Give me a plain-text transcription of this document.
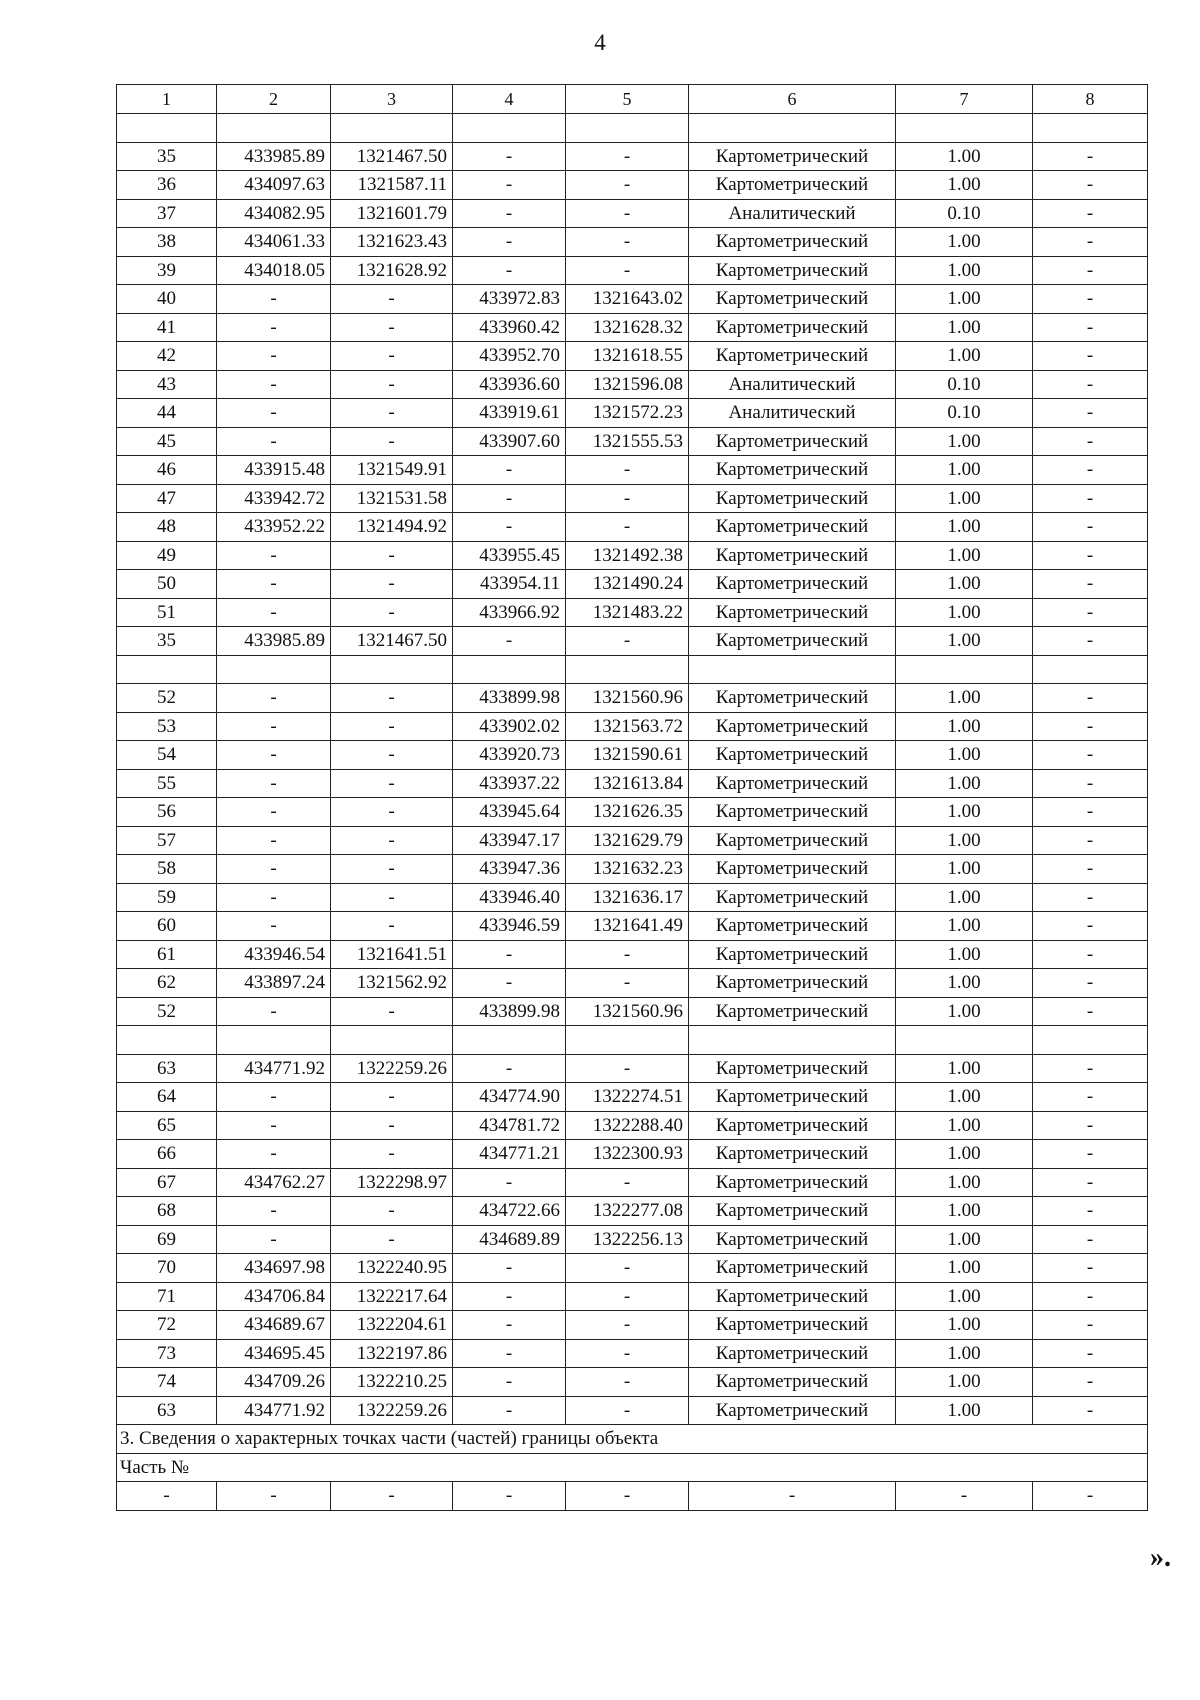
4
1	2	3	4	5	6	7	8

35	433985.89	1321467.50	-	-	Картометрический	1.00	-
36	434097.63	1321587.11	-	-	Картометрический	1.00	-
37	434082.95	1321601.79	-	-	Аналитический	0.10	-
38	434061.33	1321623.43	-	-	Картометрический	1.00	-
39	434018.05	1321628.92	-	-	Картометрический	1.00	-
40	-	-	433972.83	1321643.02	Картометрический	1.00	-
41	-	-	433960.42	1321628.32	Картометрический	1.00	-
42	-	-	433952.70	1321618.55	Картометрический	1.00	-
43	-	-	433936.60	1321596.08	Аналитический	0.10	-
44	-	-	433919.61	1321572.23	Аналитический	0.10	-
45	-	-	433907.60	1321555.53	Картометрический	1.00	-
46	433915.48	1321549.91	-	-	Картометрический	1.00	-
47	433942.72	1321531.58	-	-	Картометрический	1.00	-
48	433952.22	1321494.92	-	-	Картометрический	1.00	-
49	-	-	433955.45	1321492.38	Картометрический	1.00	-
50	-	-	433954.11	1321490.24	Картометрический	1.00	-
51	-	-	433966.92	1321483.22	Картометрический	1.00	-
35	433985.89	1321467.50	-	-	Картометрический	1.00	-

52	-	-	433899.98	1321560.96	Картометрический	1.00	-
53	-	-	433902.02	1321563.72	Картометрический	1.00	-
54	-	-	433920.73	1321590.61	Картометрический	1.00	-
55	-	-	433937.22	1321613.84	Картометрический	1.00	-
56	-	-	433945.64	1321626.35	Картометрический	1.00	-
57	-	-	433947.17	1321629.79	Картометрический	1.00	-
58	-	-	433947.36	1321632.23	Картометрический	1.00	-
59	-	-	433946.40	1321636.17	Картометрический	1.00	-
60	-	-	433946.59	1321641.49	Картометрический	1.00	-
61	433946.54	1321641.51	-	-	Картометрический	1.00	-
62	433897.24	1321562.92	-	-	Картометрический	1.00	-
52	-	-	433899.98	1321560.96	Картометрический	1.00	-

63	434771.92	1322259.26	-	-	Картометрический	1.00	-
64	-	-	434774.90	1322274.51	Картометрический	1.00	-
65	-	-	434781.72	1322288.40	Картометрический	1.00	-
66	-	-	434771.21	1322300.93	Картометрический	1.00	-
67	434762.27	1322298.97	-	-	Картометрический	1.00	-
68	-	-	434722.66	1322277.08	Картометрический	1.00	-
69	-	-	434689.89	1322256.13	Картометрический	1.00	-
70	434697.98	1322240.95	-	-	Картометрический	1.00	-
71	434706.84	1322217.64	-	-	Картометрический	1.00	-
72	434689.67	1322204.61	-	-	Картометрический	1.00	-
73	434695.45	1322197.86	-	-	Картометрический	1.00	-
74	434709.26	1322210.25	-	-	Картометрический	1.00	-
63	434771.92	1322259.26	-	-	Картометрический	1.00	-
3. Сведения о характерных точках части (частей) границы объекта							
Часть №							
-	-	-	-	-	-	-	-
».
